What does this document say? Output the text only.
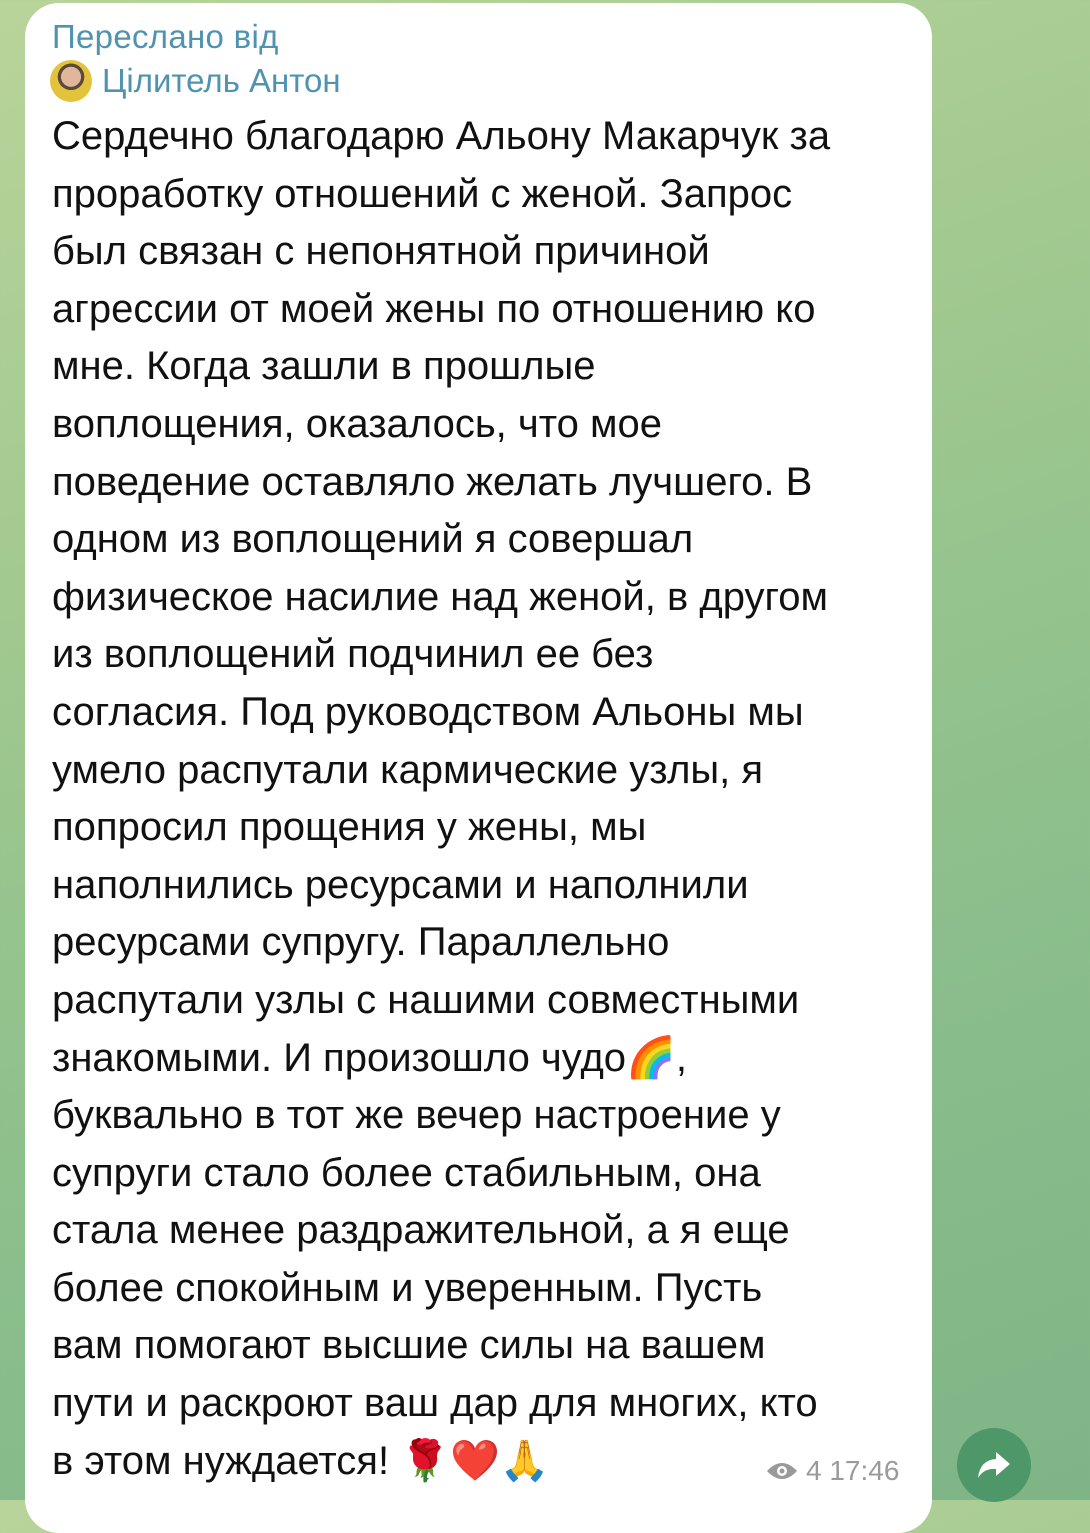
Переслано від
Цілитель Антон
Сердечно благодарю Альону Макарчук за
проработку отношений с женой. Запрос
был связан с непонятной причиной
агрессии от моей жены по отношению ко
мне. Когда зашли в прошлые
воплощения, оказалось, что мое
поведение оставляло желать лучшего. В
одном из воплощений я совершал
физическое насилие над женой, в другом
из воплощений подчинил ее без
согласия. Под руководством Альоны мы
умело распутали кармические узлы, я
попросил прощения у жены, мы
наполнились ресурсами и наполнили
ресурсами супругу. Параллельно
распутали узлы с нашими совместными
знакомыми. И произошло чудо🌈,
буквально в тот же вечер настроение у
супруги стало более стабильным, она
стала менее раздражительной, а я еще
более спокойным и уверенным. Пусть
вам помогают высшие силы на вашем
пути и раскроют ваш дар для многих, кто
в этом нуждается! 🌹❤️🙏	4
17:46
